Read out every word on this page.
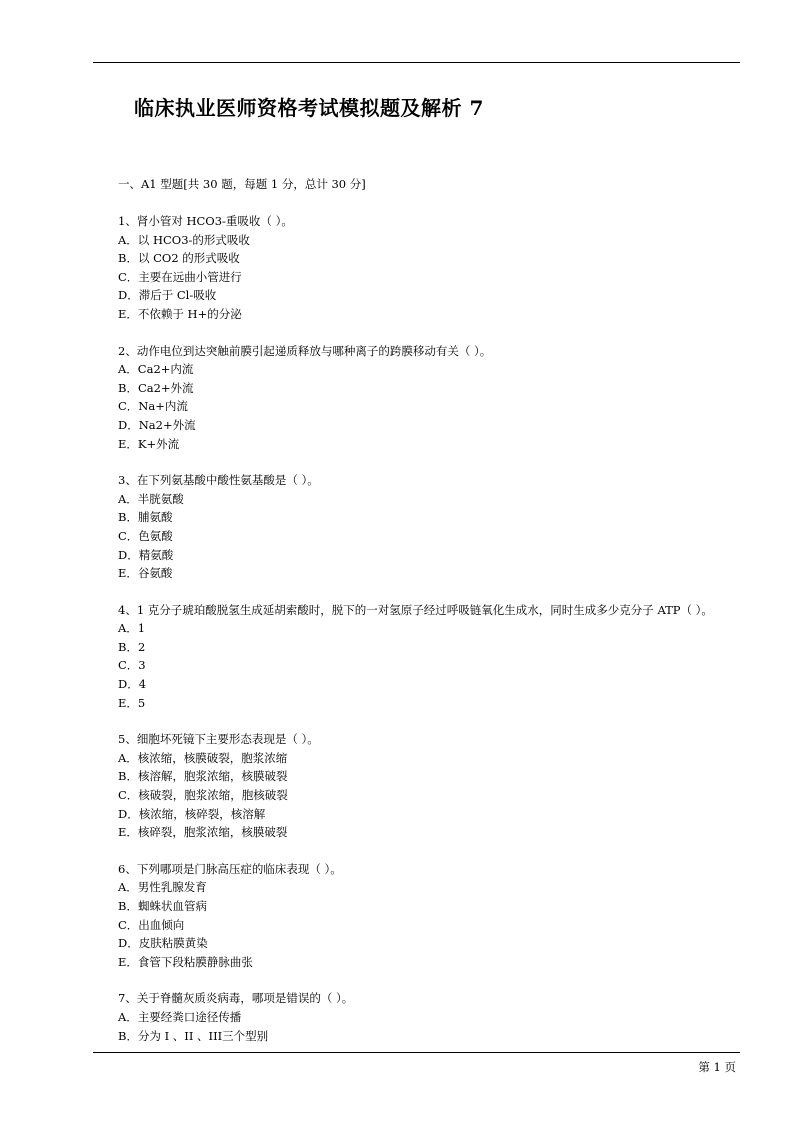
临床执业医师资格考试模拟题及解析 7
一、A1 型题[共 30 题，每题 1 分，总计 30 分]
1、肾小管对 HCO3-重吸收（ ）。
A．以 HCO3-的形式吸收
B．以 CO2 的形式吸收
C．主要在远曲小管进行
D．滞后于 Cl-吸收
E．不依赖于 H+的分泌
2、动作电位到达突触前膜引起递质释放与哪种离子的跨膜移动有关（ ）。
A．Ca2+内流
B．Ca2+外流
C．Na+内流
D．Na2+外流
E．K+外流
3、在下列氨基酸中酸性氨基酸是（ ）。
A．半胱氨酸
B．脯氨酸
C．色氨酸
D．精氨酸
E．谷氨酸
4、1 克分子琥珀酸脱氢生成延胡索酸时，脱下的一对氢原子经过呼吸链氧化生成水，同时生成多少克分子 ATP（ ）。
A．1
B．2
C．3
D．4
E．5
5、细胞坏死镜下主要形态表现是（ ）。
A．核浓缩，核膜破裂，胞浆浓缩
B．核溶解，胞浆浓缩，核膜破裂
C．核破裂，胞浆浓缩，胞核破裂
D．核浓缩，核碎裂，核溶解
E．核碎裂，胞浆浓缩，核膜破裂
6、下列哪项是门脉高压症的临床表现（ ）。
A．男性乳腺发育
B．蜘蛛状血管病
C．出血倾向
D．皮肤粘膜黄染
E．食管下段粘膜静脉曲张
7、关于脊髓灰质炎病毒，哪项是错误的（ ）。
A．主要经粪口途径传播
B．分为 I 、II 、III三个型别
第 1 页
